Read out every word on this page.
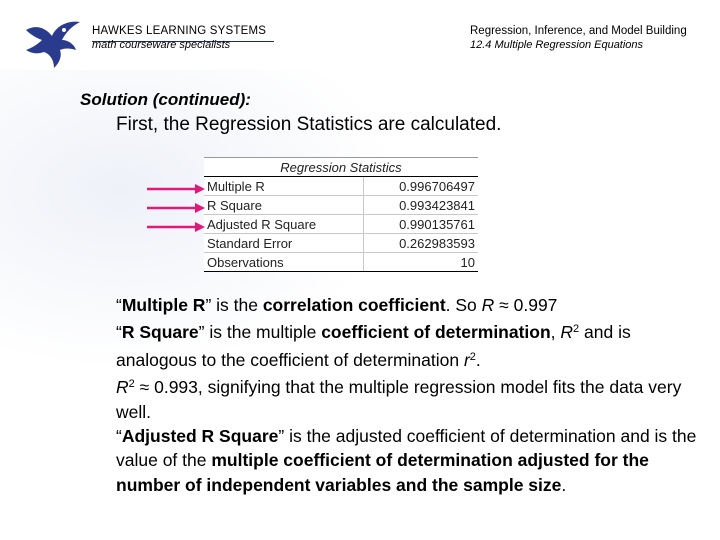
HAWKES LEARNING SYSTEMS
math courseware specialists
Regression, Inference, and Model Building
12.4 Multiple Regression Equations
Solution (continued):
First, the Regression Statistics are calculated.
Regression Statistics	
Multiple R	0.996706497
R Square	0.993423841
Adjusted R Square	0.990135761
Standard Error	0.262983593
Observations	10

“Multiple R” is the correlation coefficient. So R ≈ 0.997

“R Square” is the multiple coefficient of determination, $R^2$ and is analogous to the coefficient of determination $r^2$.

$R^2 \approx 0.993$, signifying that the multiple regression model fits the data very well.

“Adjusted R Square” is the adjusted coefficient of determination and is the value of the multiple coefficient of determination adjusted for the number of independent variables and the sample size.
